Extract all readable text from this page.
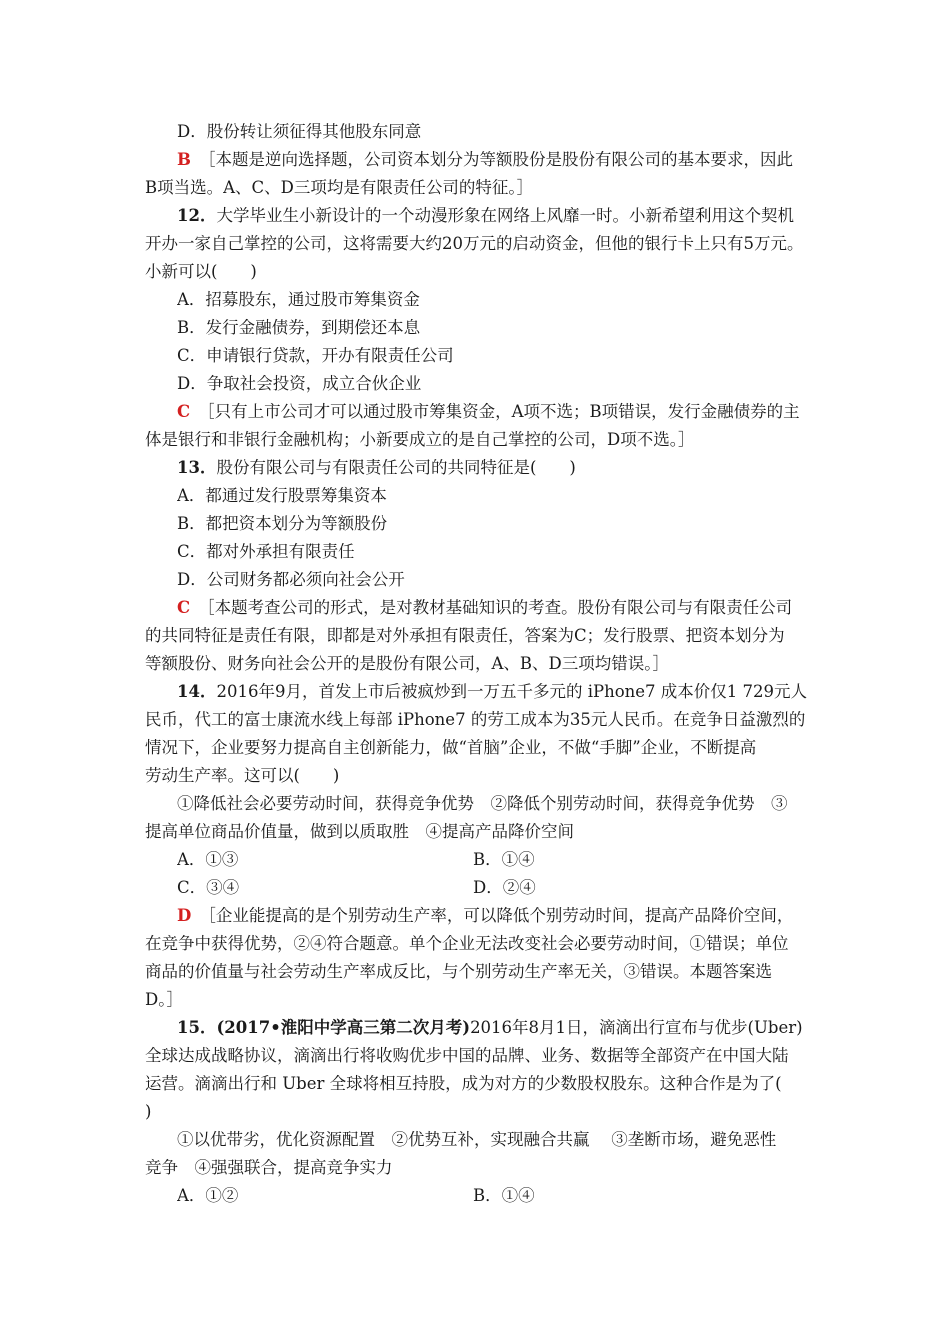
D．股份转让须征得其他股东同意
B ［本题是逆向选择题，公司资本划分为等额股份是股份有限公司的基本要求，因此
B项当选。A、C、D三项均是有限责任公司的特征。］
12．大学毕业生小新设计的一个动漫形象在网络上风靡一时。小新希望利用这个契机
开办一家自己掌控的公司，这将需要大约20万元的启动资金，但他的银行卡上只有5万元。
小新可以(　　)
A．招募股东，通过股市筹集资金
B．发行金融债券，到期偿还本息
C．申请银行贷款，开办有限责任公司
D．争取社会投资，成立合伙企业
C ［只有上市公司才可以通过股市筹集资金，A项不选；B项错误，发行金融债券的主
体是银行和非银行金融机构；小新要成立的是自己掌控的公司，D项不选。］
13．股份有限公司与有限责任公司的共同特征是(　　)
A．都通过发行股票筹集资本
B．都把资本划分为等额股份
C．都对外承担有限责任
D．公司财务都必须向社会公开
C ［本题考查公司的形式，是对教材基础知识的考查。股份有限公司与有限责任公司
的共同特征是责任有限，即都是对外承担有限责任，答案为C；发行股票、把资本划分为
等额股份、财务向社会公开的是股份有限公司，A、B、D三项均错误。］
14．2016年9月，首发上市后被疯炒到一万五千多元的 iPhone7 成本价仅1 729元人
民币，代工的富士康流水线上每部 iPhone7 的劳工成本为35元人民币。在竞争日益激烈的
情况下，企业要努力提高自主创新能力，做“首脑”企业，不做“手脚”企业，不断提高
劳动生产率。这可以(　　)
①降低社会必要劳动时间，获得竞争优势　②降低个别劳动时间，获得竞争优势　③
提高单位商品价值量，做到以质取胜　④提高产品降价空间
A．①③	B．①④
C．③④	D．②④
D ［企业能提高的是个别劳动生产率，可以降低个别劳动时间，提高产品降价空间，
在竞争中获得优势，②④符合题意。单个企业无法改变社会必要劳动时间，①错误；单位
商品的价值量与社会劳动生产率成反比，与个别劳动生产率无关，③错误。本题答案选
D。］
15．(2017•淮阳中学高三第二次月考)2016年8月1日，滴滴出行宣布与优步(Uber)
全球达成战略协议，滴滴出行将收购优步中国的品牌、业务、数据等全部资产在中国大陆
运营。滴滴出行和 Uber 全球将相互持股，成为对方的少数股权股东。这种合作是为了(
)
①以优带劣，优化资源配置　②优势互补，实现融合共赢　 ③垄断市场，避免恶性
竞争　④强强联合，提高竞争实力
A．①②	B．①④
